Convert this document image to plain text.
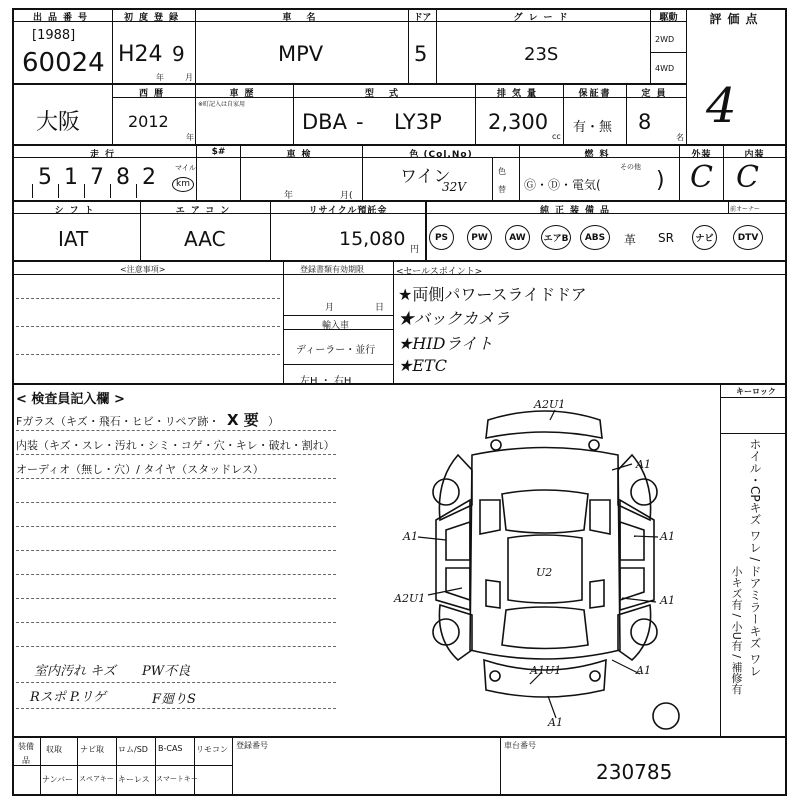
出品番号
[1988]
60024
初度登録
H24 9
年	月
車 名
MPV
ドア
5
グレード
23S
駆動
2WD
4WD
評価点
4
大阪
西暦
2012
年
車歴
※町記入は自家用
型 式
DBA - LY3P
排気量
2,300
cc
保証書
有・無
定員
8
名
走行
5 1 7 8 2	マイル
km
$#	車検
年	月(
色 (Col.No)
ワイン
32V
色替
燃料
Ⓖ・Ⓓ・電気(
その他
)
外装
C
内装
C
シフト
IAT
エアコン
AAC
リサイクル預託金
15,080 円
純正装備品	前オーナー
PS	PW	AW	エアB	ABS	革 SR	ナビ	DTV
<注意事項>	登録書類有効期限
月	日
輸入車
ディーラー・並行
左H ・ 右H
<セールスポイント>
★両側パワースライドドア
★バックカメラ
★HIDライト
★ETC
< 検査員記入欄 >
Fガラス（キズ・飛石・ヒビ・リペア跡・ X 要 ）
内装（キズ・スレ・汚れ・シミ・コゲ・穴・キレ・破れ・割れ）
オーディオ（無し・穴）/ タイヤ（スタッドレス）
室内汚れ キズ PW不良
Rスポ P.リゲ	F廻りS
キーロック
ホイル・CPキズ ワレ / ドアミラーキズ ワレ
小キズ有 / 小U有 / 補修有
A2U1
A1
A1
A1
A1
A1
A2U1
U2
A1U1
A1
装備品
収取 ナビ取 ロム/SD B-CAS リモコン
ナンバー スペアキー キーレス スマートキー
登録番号	車台番号
230785
